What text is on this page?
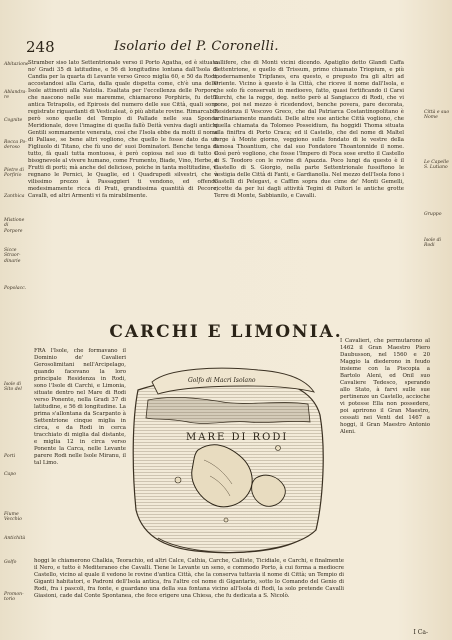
248	Isolario del P. Coronelli.
Abitazione
Ablandra- re
Cognite
Rocca Po- deroso
Pietre di Porfirio
Zanthica
Mistione di Porpore
Sicce Straor- dinarie
Popolacc.
Città e suo Nome
Le Capelle S. Lutiano
Gruppo
Isole di Rodi
Stramber siso lato Settentrionale verso il Porto Agatha, ed è situata no' Gradi 35 di latitudine, e 56 di longitudine lontana dall'Isola di Candia per la quarta di Levante verso Greco miglia 60, e 50 da Rodi, accostandosi alla Caria, dalla quale dispetta come, ch'è una delle Isole attinenti alla Natolia. Esaltata per l'eccellenza delle Porpore, che nascono nelle sue maremme, chiamarono Porphiris, fu detta antica Tetrapolis, ed Epirosis del numero delle sue Città, quali sono registrate riguardanti di Vesticaleat, ò più abitate rovine. Rimarcabili però sono quelle del Tempio di Pallade nelle sua Sponda Meridionale, dove l'imagine di quella fallò Deità veniva dagli antichi Gentili sommamente venerata, così che l'Isola ebbe da molti il nome di Pallase, se bene altri vogliono, che quello le fosse dato da un Figliuolo di Titano, che fù uno de' suoi Dominatori. Benche tenga di tutto, fà quali tutta montuosa, è però copiosa nel suo di tutto il bisognevole al vivere humano, come Frumento, Biade, Vino, Herbe, e Frutti di porti; mà anche del delicioso, poiche in tanta moltitudine, vi regnano le Pernici, le Quaglie, ed i Quadrupedi silvestri, che à vilissimo prezzo à Passaggieri ti vendono, ed offendo medesimamente ricca di Prati, grandissima quantità di Pecore, Cavalli, ed altri Armenti vi fa mirabilmente.
callifere, che di Monti vicini dicendo. Apatiglio detto Glandi Caffa Settentrione, e quello di Trissum, primo chiamato Triopium, e più modernamente Tripfanes, era questo, e prepusto fra gli altri ad Oriente. Vicino à questo è la Città, che riceve il nome dall'Isola, e che solo fù conservati in medioevo, fatto, quasi fortificando il Carsi Turchi, che la regge, deg. netto però al Sangiacco di Rodi, che vi pone, poi nel mezzo è ricedendovi, benche povera, pare decorata, Residenza il Vescovo Greco, che dal Patriarca Costantinopolitano è ordinariamente mandati. Delle altre sue antiche Città vogliono, che quella chiamata da Tolomeo Posseidium, fia hoggidi Thoma situata alla finiftra di Porto Craca; ed il Castello, che del nome di Maltel forge à Monte giorno, veggiono sulle fondato di le vestre della famosa Thoantium, che dal suo Fondatore Thoantonnide il nome. Così però vogliono, che fosse l'Impero di Foca sose eretto il Castello di S. Teodoro con le rovine di Apazzia. Poco lungi da questo è il Castello di S. Giorgio, nella parte Settentrionale fussiftono le vestigia delle Città di Fanti, e Gardianolla. Nel mezzo dell'Isola fono i Castelli di Pelegavi, e Caffim sopra due cime de' Monti Gemelli, ricotte da per lui dagli attività Tegini di Paltori le antiche grotte Terre di Monte, Sabbianilo, e Cavalli.
CARCHI E LIMONIA.
Isole di Sito del
Porti
Capo
Fiume Vecchio
Antichità
Golfo
Promon- torio
FRA l'Isole, che formavano il Dominio de' Cavalieri Gerosolimitani nell'Arcipelago, quando facevano la loro principale Residenza in Rodi, sono l'Isole di Carchi, e Limonia, situate dentro nel Mare di Rodi verso Ponente, nella Gradi 37 di latitudine, e 56 di longitudine. La prima s'allontana da Scarpanto à Settentrione cinque miglia in circa, e da Rodi in cerca tracchiato di miglia dal distante, e miglia 12 in circa verso Ponente la Carca, nelle Levante parere Rodi nelle Isole Miranu, il tal Limo.
I Cavalieri, che permutarono al 1462 il Gran Maestro Piero Daubusson, nel 1560 e 20 Maggio la diederono in feudo insieme con la Piscopia a Bartolo Aleni, ed Onil suo Cavaliere Tedesco, sperando allo Stato, à farvi sulle sue pertinenze un Castello, accioche vi potesse Ella non possedere, poi aprirono il Gran Maestro, cessati nei Venti del 1467 a hoggi, il Gran Maestro Antonio Aleni.
hoggi le chiamerono Chalkia, Teorachio, ed altri Calce, Cathia, Carche, Calliste, Ticidiale, e Carchi, e finalmente il Nero, e tutto è Mediteraneo che Cavalli. Tiene le Levante un seno, e commodo Porto, à cui forma a mediocre Castello, vicino al quale il vedono le rovine d'antica Città, che la conserva tuttavia il nome di Città; un Tempio di Giganti habitatori, e Padroni dell'Isola antica, fra l'altre col nome di Gigantario, sotto lo Comando del Genio di Rodi, fra i pascoli, fra fonte, e guardano una della sua fontana vicino all'Isola di Rodi, la solo pretende Cavalli Giasioni, cade dal Conte Spontanea, che fece erigere una Chiesa, che fu dedicata a S. Nicolò.
Golfo di Macri Isolano
MARE DI RODI
I Ca-
